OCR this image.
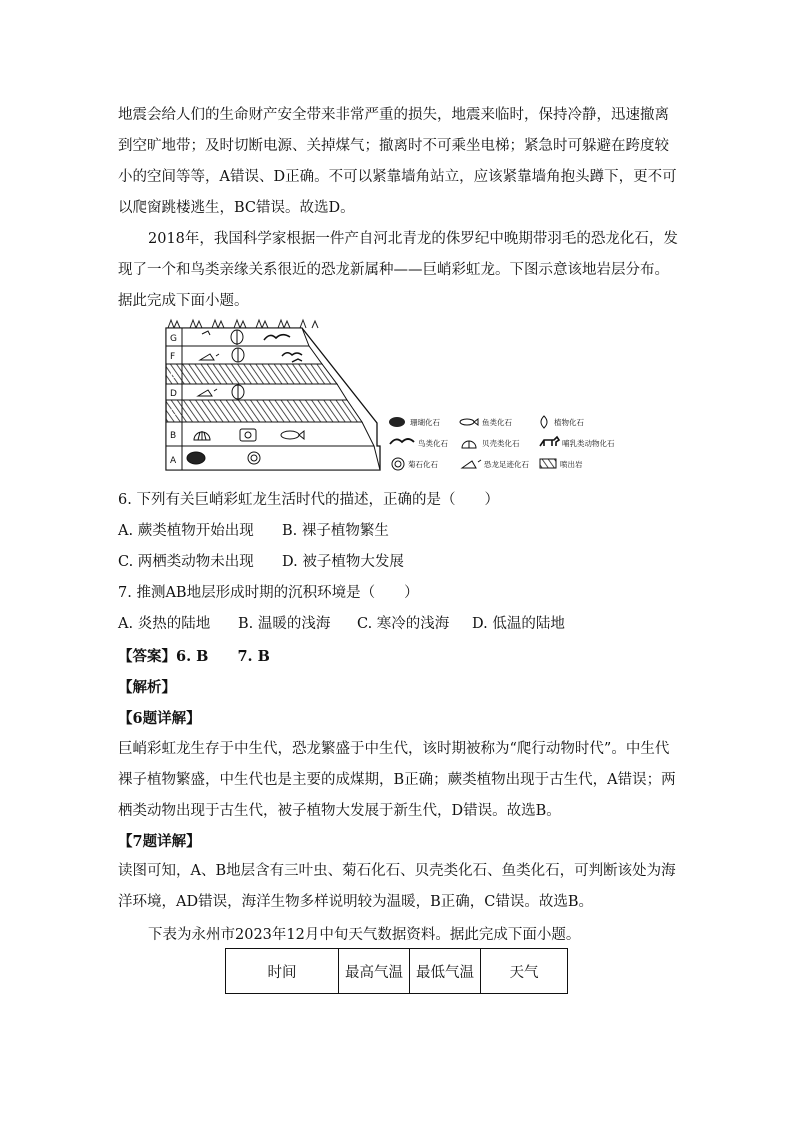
地震会给人们的生命财产安全带来非常严重的损失，地震来临时，保持冷静，迅速撤离到空旷地带；及时切断电源、关掉煤气；撤离时不可乘坐电梯；紧急时可躲避在跨度较小的空间等等，A错误、D正确。不可以紧靠墙角站立，应该紧靠墙角抱头蹲下，更不可以爬窗跳楼逃生，BC错误。故选D。

2018年，我国科学家根据一件产自河北青龙的侏罗纪中晚期带羽毛的恐龙化石，发现了一个和鸟类亲缘关系很近的恐龙新属种——巨峭彩虹龙。下图示意该地岩层分布。据此完成下面小题。

G
F
E
D
C
B
A
珊瑚化石	鱼类化石	植物化石
鸟类化石	贝壳类化石	哺乳类动物化石
菊石化石	恐龙足迹化石	喷出岩
6. 下列有关巨峭彩虹龙生活时代的描述，正确的是（　　）
A. 蕨类植物开始出现 B. 裸子植物繁生
C. 两栖类动物未出现 D. 被子植物大发展
7. 推测AB地层形成时期的沉积环境是（　　）
A. 炎热的陆地 B. 温暖的浅海 C. 寒冷的浅海 D. 低温的陆地
【答案】6. B　　7. B
【解析】
【6题详解】

巨峭彩虹龙生存于中生代，恐龙繁盛于中生代，该时期被称为“爬行动物时代”。中生代裸子植物繁盛，中生代也是主要的成煤期，B正确；蕨类植物出现于古生代，A错误；两栖类动物出现于古生代，被子植物大发展于新生代，D错误。故选B。

【7题详解】

读图可知，A、B地层含有三叶虫、菊石化石、贝壳类化石、鱼类化石，可判断该处为海洋环境，AD错误，海洋生物多样说明较为温暖，B正确，C错误。故选B。

下表为永州市2023年12月中旬天气数据资料。据此完成下面小题。
时间	最高气温	最低气温	天气
